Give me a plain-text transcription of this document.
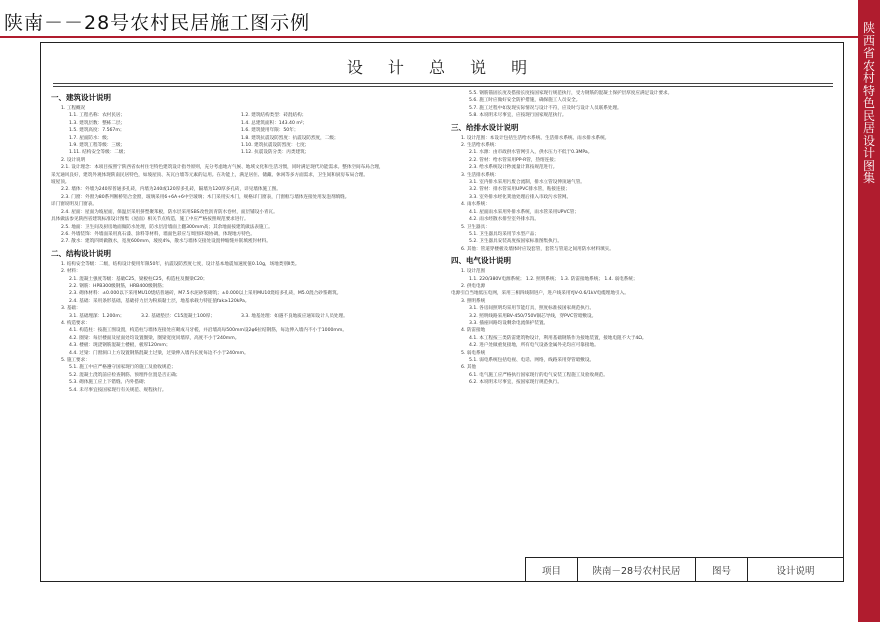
陕南－－28号农村民居施工图示例	陕西省农村特色民居设计图集
设 计 总 说 明
一、建筑设计说明
1. 工程概况
1.1. 工程名称：农村民居；	1.2. 建筑结构类型：砖混结构；
1.3. 建筑层数：整栋二层；	1.4. 总建筑面积：143.40 m²；
1.5. 建筑高度：7.567m；	1.6. 建筑使用年限：50年；
1.7. 屋面防水：级；	1.8. 建筑抗震设防烈度：抗震设防烈度，二级；
1.9. 建筑工程等级：三级；	1.10. 建筑抗震设防烈度：七度；
1.11. 结构安全等级：二级；	1.12. 抗震设防分类：丙类建筑；
2. 设计说明
2.1. 设计理念：本项目按照宁陕西省农村住宅特色建筑设计指导原则，充分考虑地方气候、地域文化和生活习惯，同时满足现代功能需求。整体空间布局合理，
采光通风良好，建筑外观体现陕南民居特色，如坡屋顶、灰瓦白墙等元素的运用。在功能上，满足居住、储藏、休闲等多方面需求，卫生间和厨房布局合理。
坡屋顶。
2.2. 墙体：外墙为240厚普通多孔砖，内墙为240或120厚多孔砖，隔墙为120厚多孔砖，详见墙体施工图。
2.3. 门窗：外窗为80系列断桥铝合金窗，玻璃采用6+6A+6中空玻璃；木门采用实木门，规格详门窗表，门窗框与墙体连接处用发泡剂填缝。
详门窗说明及门窗表。
2.4. 屋面：屋面为坡屋面，保温层采用挤塑聚苯板，防水层采用SBS改性沥青防水卷材，面层铺设小青瓦。
具体做法参见陕西省建筑标准设计图集《屋面》相关节点构造，施工中应严格按照规范要求进行。
2.5. 地面：卫生间及厨房地面做防水处理，防水层沿墙面上翻300mm高；其余地面按建筑做法表施工。
2.6. 外墙装饰：外墙面采用真石漆、涂料等材料，墙面色彩应与周围环境协调，体现地方特色。
2.7. 散水：建筑四周做散水，宽度600mm，坡度4%，散水与墙体交接处设置伸缩缝并嵌填密封材料。
二、结构设计说明
1. 结构安全等级：二级，结构设计使用年限50年，抗震设防烈度七度，设计基本地震加速度值0.10g，场地类别Ⅱ类。
2. 材料：
2.1. 混凝土强度等级：基础C25，梁板柱C25，构造柱及圈梁C20；
2.2. 钢筋：HPB300级钢筋，HRB400级钢筋；
2.3. 砌体材料：±0.000以下采用MU10烧结普通砖，M7.5水泥砂浆砌筑；±0.000以上采用MU10烧结多孔砖，M5.0混合砂浆砌筑。
2.4. 基础：采用条形基础，基础持力层为粉质黏土层，地基承载力特征值fak≥120kPa。
3. 基础：
3.1. 基础埋深：1.200m；	3.2. 基础垫层：C15混凝土100厚；	3.3. 地基处理：如遇不良地质应通知设计人员处理。
4. 构造要求：
4.1. 构造柱：按施工图设置，构造柱与墙体连接处应砌成马牙槎，并沿墙高每500mm设2φ6拉结钢筋，每边伸入墙内不小于1000mm。
4.2. 圈梁：每层楼面及屋面处均设置圈梁，圈梁宽度同墙厚，高度不小于240mm。
4.3. 楼板：现浇钢筋混凝土楼板，板厚120mm；
4.4. 过梁：门窗洞口上方设置钢筋混凝土过梁，过梁伸入墙内长度每边不小于240mm。
5. 施工要求：
5.1. 施工中应严格遵守国家现行的施工及验收规范；
5.2. 混凝土浇筑前应检查钢筋、预埋件位置是否正确；
5.3. 砌体施工应上下错缝、内外搭砌；
5.4. 未尽事宜按国家现行有关规范、规程执行。
5.5. 钢筋锚固长度及搭接长度按国家现行规范执行，受力钢筋的混凝土保护层厚度应满足设计要求。
5.6. 施工时应做好安全防护措施，确保施工人员安全。
5.7. 施工过程中如发现实际情况与设计不符，应及时与设计人员联系处理。
5.8. 本说明未尽事宜，应按现行国家规范执行。
三、给排水设计说明
1. 设计范围：本设计包括生活给水系统、生活排水系统、雨水排水系统。
2. 生活给水系统：
2.1. 水源：由市政供水管网引入，供水压力不低于0.3MPa。
2.2. 管材：给水管采用PP-R管，热熔连接；
2.3. 给水系统设计秒流量计算按规范进行。
3. 生活排水系统：
3.1. 室内排水采用污废合流制，排水立管设伸顶通气管。
3.2. 管材：排水管采用UPVC排水管，粘接连接；
3.3. 室外排水经化粪池处理后排入市政污水管网。
4. 雨水系统：
4.1. 屋面雨水采用外排水系统，雨水管采用UPVC管；
4.2. 雨水经散水排至室外排水沟。
5. 卫生器具：
5.1. 卫生器具均采用节水型产品；
5.2. 卫生器具安装高度按国家标准图集执行。
6. 其他：管道穿楼板及墙体时应设套管，套管与管道之间用防水材料填实。
四、电气设计说明
1. 设计范围
1.1. 220/380V电源系统； 1.2. 照明系统； 1.3. 防雷接地系统； 1.4. 弱电系统；
2. 供电电源
电源引自当地低压电网，采用三相四线制进户，进户线采用YJV-0.6/1kV电缆埋地引入。
3. 照明系统
3.1. 各房间照明均采用节能灯具，照度标准按国家规范执行。
3.2. 照明线路采用BV-450/750V铜芯导线，穿PVC管暗敷设。
3.3. 插座回路均设剩余电流保护装置。
4. 防雷接地
4.1. 本工程按三类防雷建筑物设计，利用基础钢筋作为接地装置，接地电阻不大于4Ω。
4.2. 进户处做重复接地，所有电气设备金属外壳均应可靠接地。
5. 弱电系统
5.1. 弱电系统包括电视、电话、网络，线路采用穿管暗敷设。
6. 其他
6.1. 电气施工应严格执行国家现行的电气安装工程施工及验收规范。
6.2. 本说明未尽事宜，按国家现行规范执行。
项目	陕南－28号农村民居	图号	设计说明
